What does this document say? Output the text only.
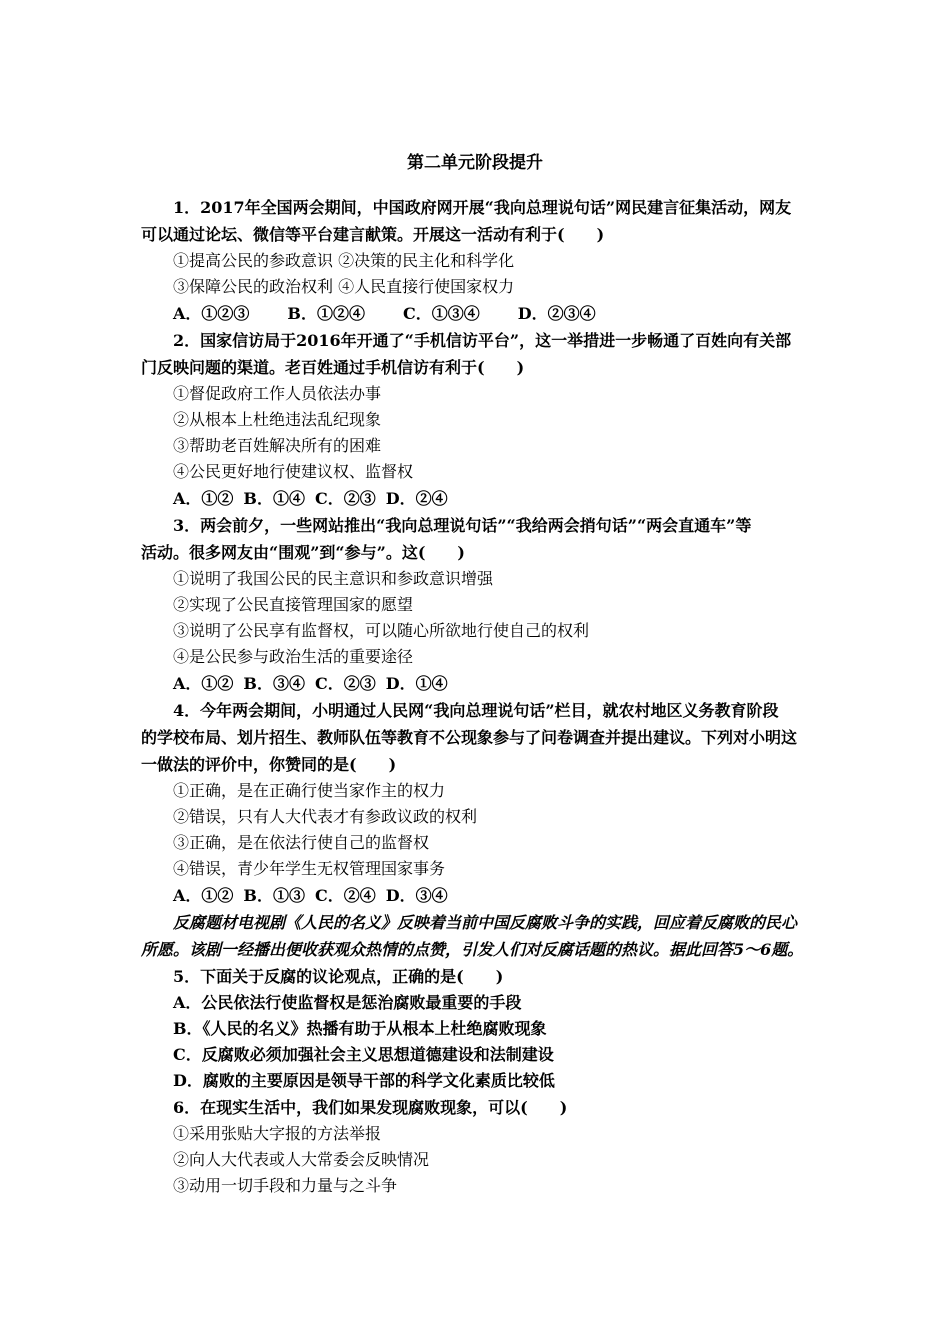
第二单元阶段提升
1．2017年全国两会期间，中国政府网开展“我向总理说句话”网民建言征集活动，网友
可以通过论坛、微信等平台建言献策。开展这一活动有利于(　　)
①提高公民的参政意识 ②决策的民主化和科学化
③保障公民的政治权利 ④人民直接行使国家权力
A．①②③ B．①②④ C．①③④ D．②③④
2．国家信访局于2016年开通了“手机信访平台”，这一举措进一步畅通了百姓向有关部
门反映问题的渠道。老百姓通过手机信访有利于(　　)
①督促政府工作人员依法办事
②从根本上杜绝违法乱纪现象
③帮助老百姓解决所有的困难
④公民更好地行使建议权、监督权
A．①② B．①④ C．②③ D．②④
3．两会前夕，一些网站推出“我向总理说句话”“我给两会捎句话”“两会直通车”等
活动。很多网友由“围观”到“参与”。这(　　)
①说明了我国公民的民主意识和参政意识增强
②实现了公民直接管理国家的愿望
③说明了公民享有监督权，可以随心所欲地行使自己的权利
④是公民参与政治生活的重要途径
A．①② B．③④ C．②③ D．①④
4．今年两会期间，小明通过人民网“我向总理说句话”栏目，就农村地区义务教育阶段
的学校布局、划片招生、教师队伍等教育不公现象参与了问卷调查并提出建议。下列对小明这
一做法的评价中，你赞同的是(　　)
①正确，是在正确行使当家作主的权力
②错误，只有人大代表才有参政议政的权利
③正确，是在依法行使自己的监督权
④错误，青少年学生无权管理国家事务
A．①② B．①③ C．②④ D．③④
反腐题材电视剧《人民的名义》反映着当前中国反腐败斗争的实践，回应着反腐败的民心
所愿。该剧一经播出便收获观众热情的点赞，引发人们对反腐话题的热议。据此回答5～6题。
5．下面关于反腐的议论观点，正确的是(　　)
A．公民依法行使监督权是惩治腐败最重要的手段
B．《人民的名义》热播有助于从根本上杜绝腐败现象
C．反腐败必须加强社会主义思想道德建设和法制建设
D．腐败的主要原因是领导干部的科学文化素质比较低
6．在现实生活中，我们如果发现腐败现象，可以(　　)
①采用张贴大字报的方法举报
②向人大代表或人大常委会反映情况
③动用一切手段和力量与之斗争
